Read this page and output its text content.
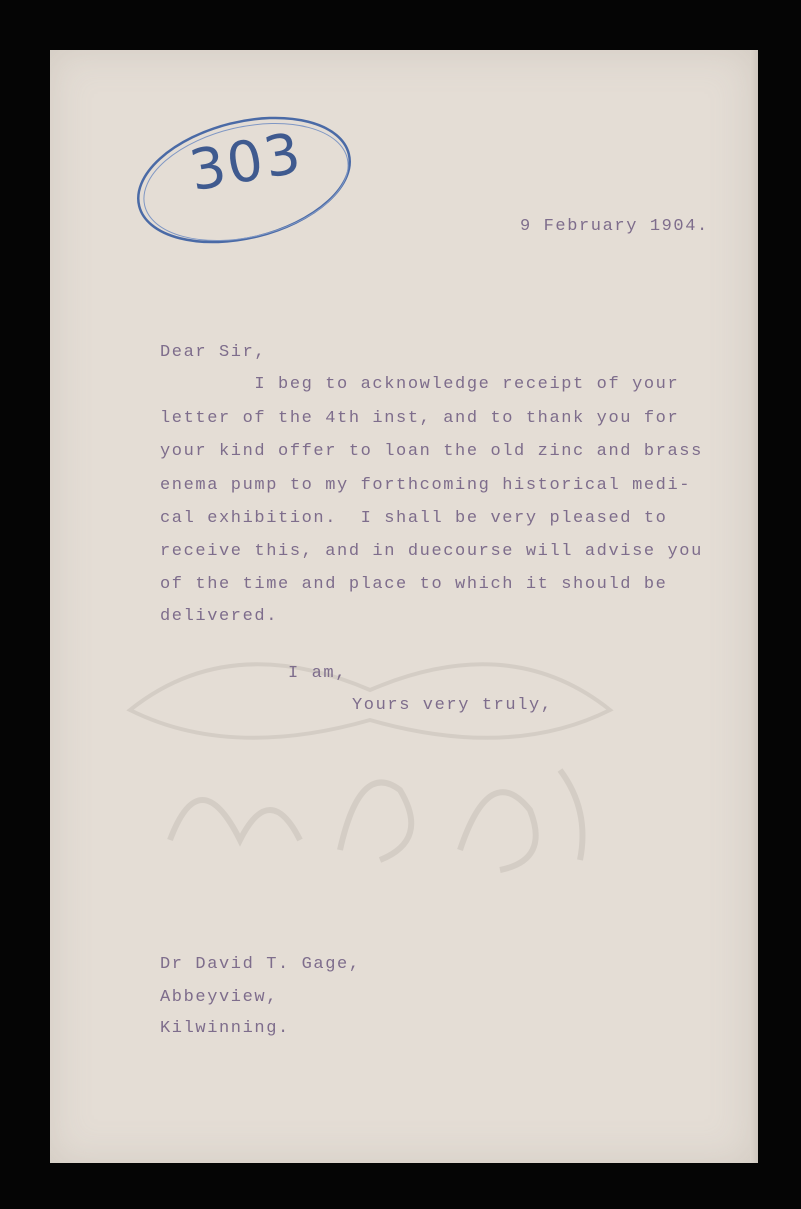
303
9 February 1904.
Dear Sir,
I beg to acknowledge receipt of your
letter of the 4th inst, and to thank you for
your kind offer to loan the old zinc and brass
enema pump to my forthcoming historical medi-
cal exhibition.  I shall be very pleased to
receive this, and in duecourse will advise you
of the time and place to which it should be
delivered.
I am,
Yours very truly,
Dr David T. Gage,
Abbeyview,
Kilwinning.
